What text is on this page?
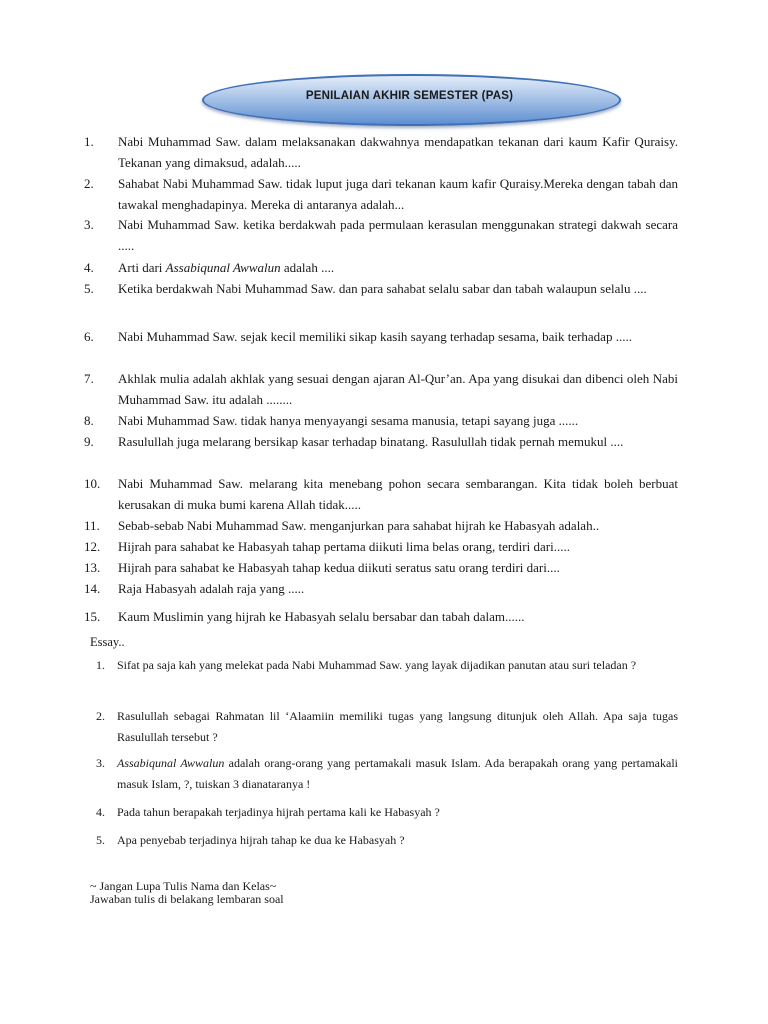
PENILAIAN AKHIR SEMESTER (PAS)
1. Nabi Muhammad Saw. dalam melaksanakan dakwahnya mendapatkan tekanan dari kaum Kafir Quraisy. Tekanan yang dimaksud, adalah.....
2. Sahabat Nabi Muhammad Saw. tidak luput juga dari tekanan kaum kafir Quraisy.Mereka dengan tabah dan tawakal menghadapinya. Mereka di antaranya adalah...
3. Nabi Muhammad Saw. ketika berdakwah pada permulaan kerasulan menggunakan strategi dakwah secara .....
4. Arti dari Assabiqunal Awwalun adalah ....
5. Ketika berdakwah Nabi Muhammad Saw. dan para sahabat selalu sabar dan tabah walaupun selalu ....
6. Nabi Muhammad Saw. sejak kecil memiliki sikap kasih sayang terhadap sesama, baik terhadap .....
7. Akhlak mulia adalah akhlak yang sesuai dengan ajaran Al-Qur’an. Apa yang disukai dan dibenci oleh Nabi Muhammad Saw. itu adalah ........
8. Nabi Muhammad Saw. tidak hanya menyayangi sesama manusia, tetapi sayang juga ......
9. Rasulullah juga melarang bersikap kasar terhadap binatang. Rasulullah tidak pernah memukul ....
10. Nabi Muhammad Saw. melarang kita menebang pohon secara sembarangan. Kita tidak boleh berbuat kerusakan di muka bumi karena Allah tidak.....
11. Sebab-sebab Nabi Muhammad Saw. menganjurkan para sahabat hijrah ke Habasyah adalah..
12. Hijrah para sahabat ke Habasyah tahap pertama diikuti lima belas orang, terdiri dari.....
13. Hijrah para sahabat ke Habasyah tahap kedua diikuti seratus satu orang terdiri dari....
14. Raja Habasyah adalah raja yang .....
15. Kaum Muslimin yang hijrah ke Habasyah selalu bersabar dan tabah dalam......
Essay..
1. Sifat pa saja kah yang melekat pada Nabi Muhammad Saw. yang layak dijadikan panutan atau suri teladan ?
2. Rasulullah sebagai Rahmatan lil ‘Alaamiin memiliki tugas yang langsung ditunjuk oleh Allah. Apa saja tugas Rasulullah tersebut ?
3. Assabiqunal Awwalun adalah orang-orang yang pertamakali masuk Islam. Ada berapakah orang yang pertamakali masuk Islam, ?, tuiskan 3 dianataranya !
4. Pada tahun berapakah terjadinya hijrah pertama kali ke Habasyah ?
5. Apa penyebab terjadinya hijrah tahap ke dua ke Habasyah ?
~ Jangan Lupa Tulis Nama dan Kelas~
Jawaban tulis di belakang lembaran soal
